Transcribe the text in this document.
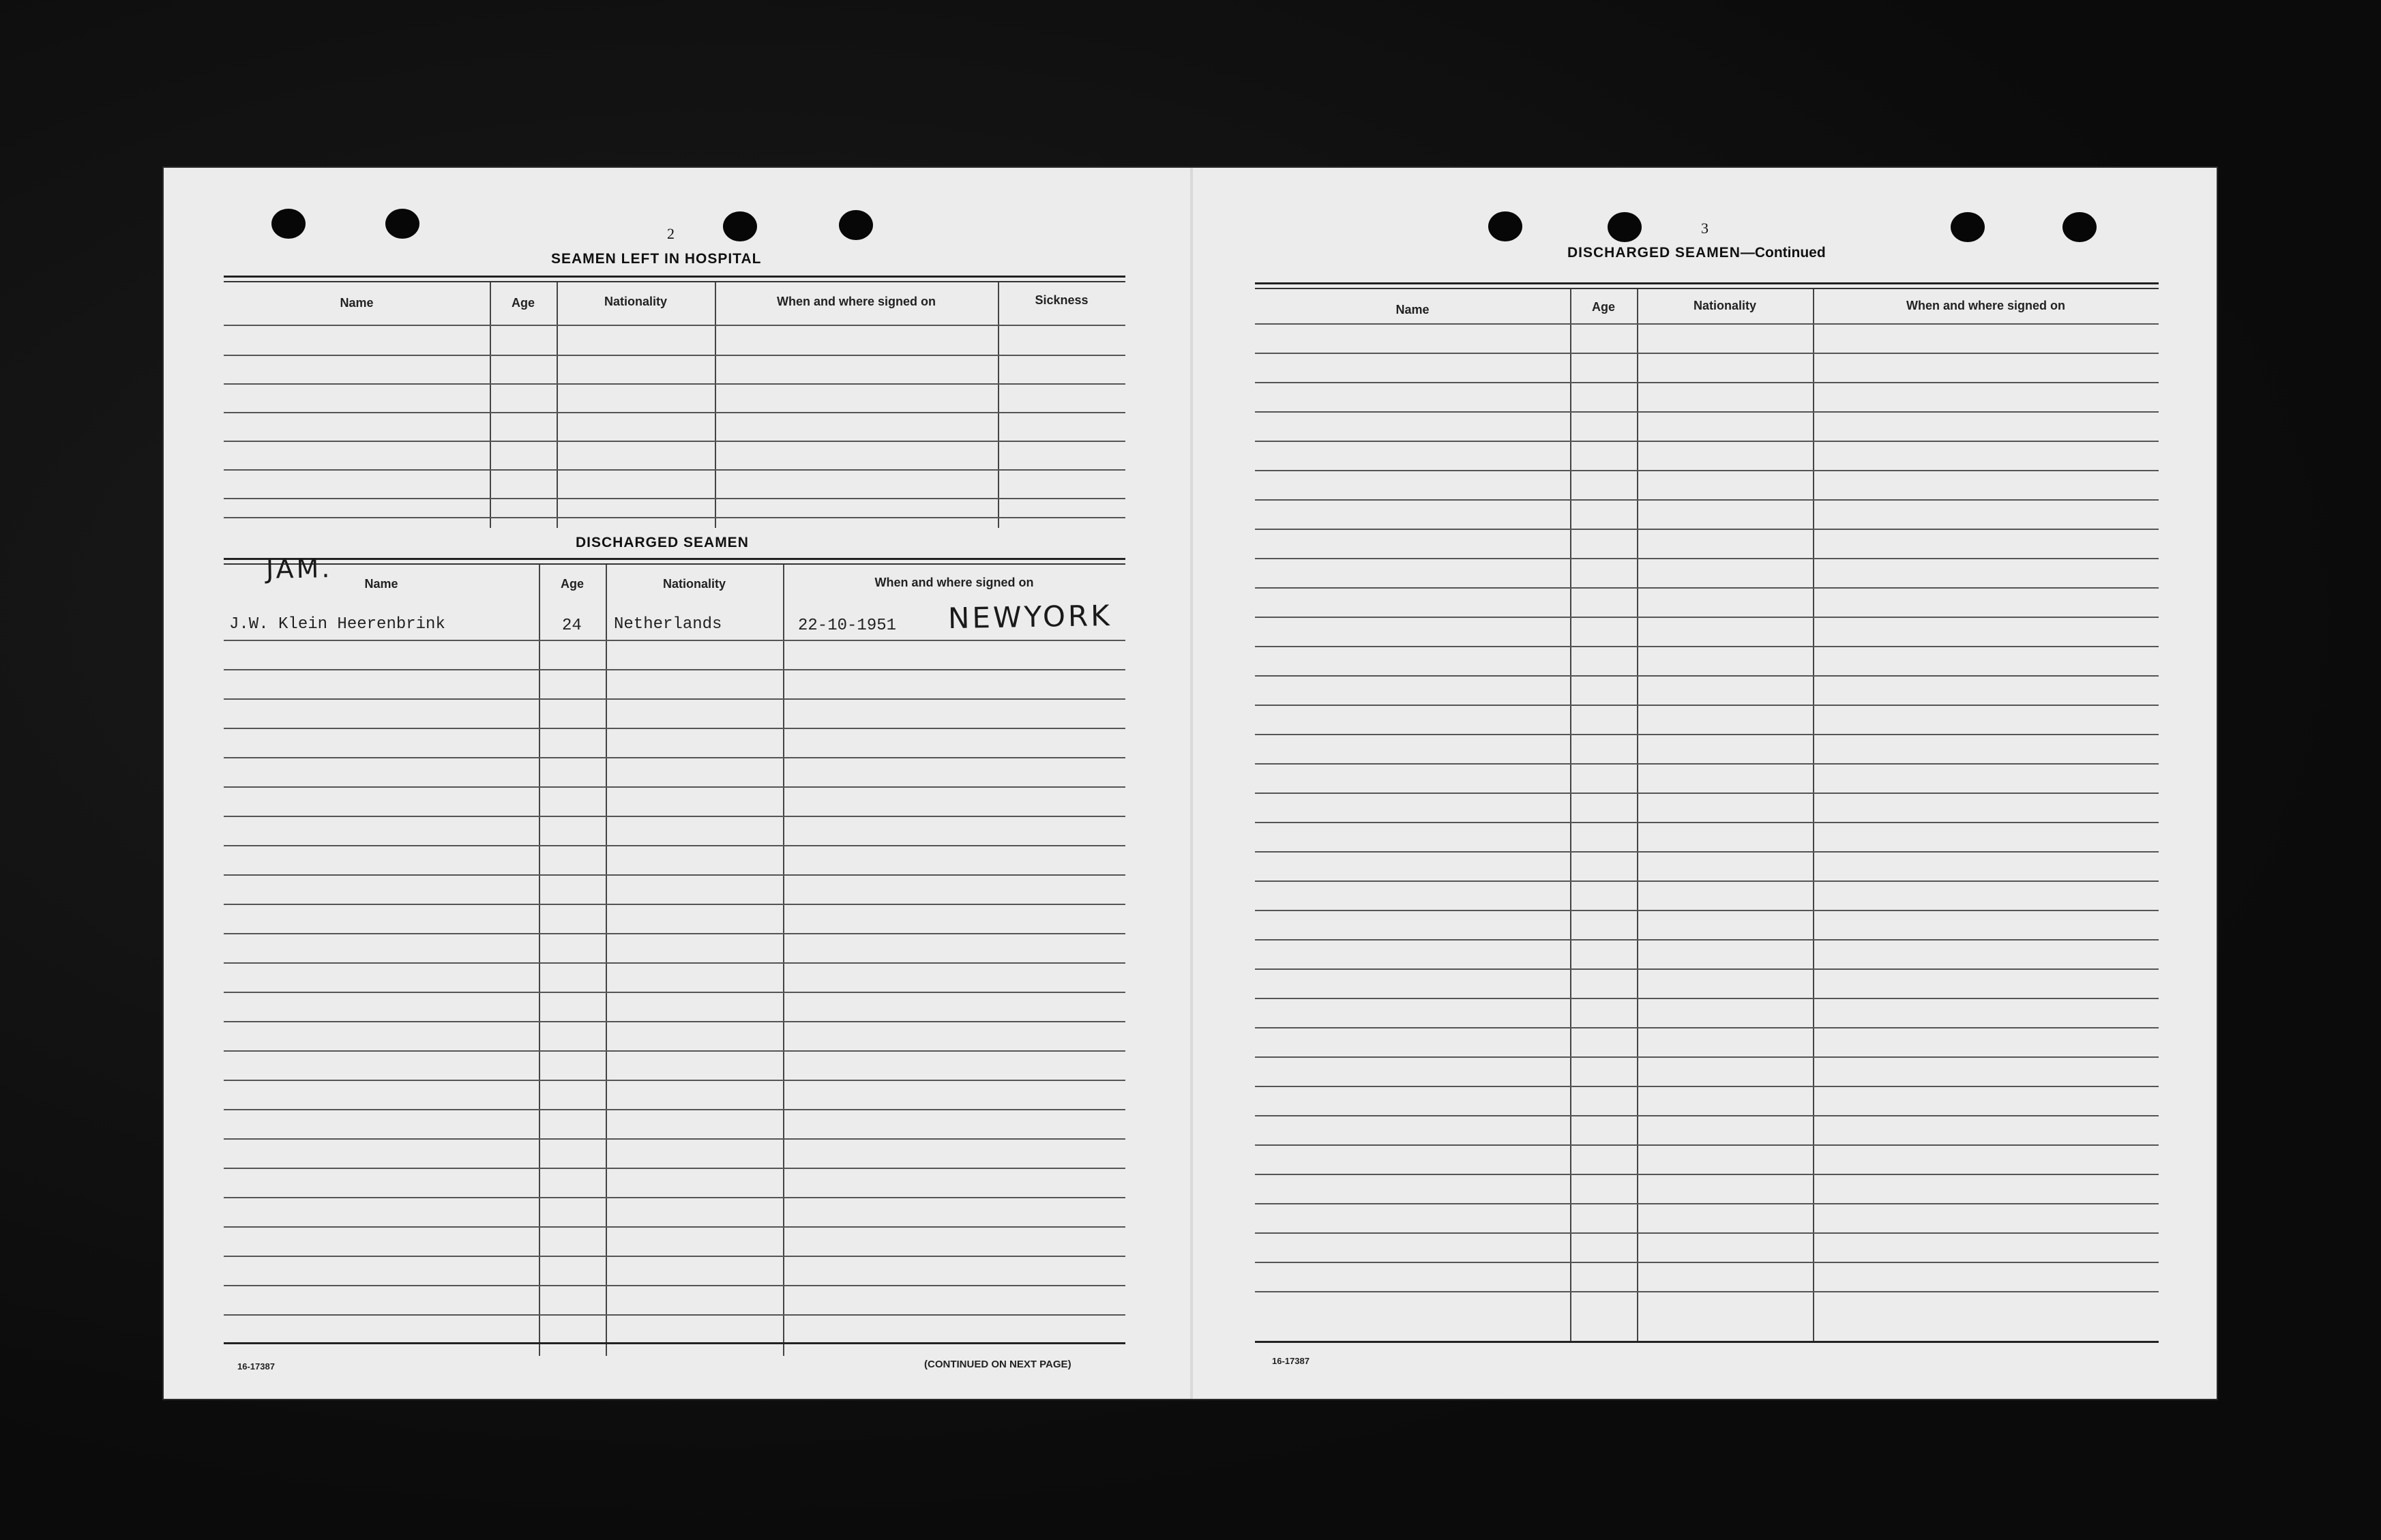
2
SEAMEN LEFT IN HOSPITAL
Name	Age	Nationality	When and where signed on	Sickness
DISCHARGED SEAMEN
Name	Age	Nationality	When and where signed on
JAM.
J.W. Klein Heerenbrink	24 Netherlands	22-10-1951 NEWYORK
16-17387	(CONTINUED ON NEXT PAGE)
3
DISCHARGED SEAMEN—Continued
Name	Age	Nationality	When and where signed on
16-17387
